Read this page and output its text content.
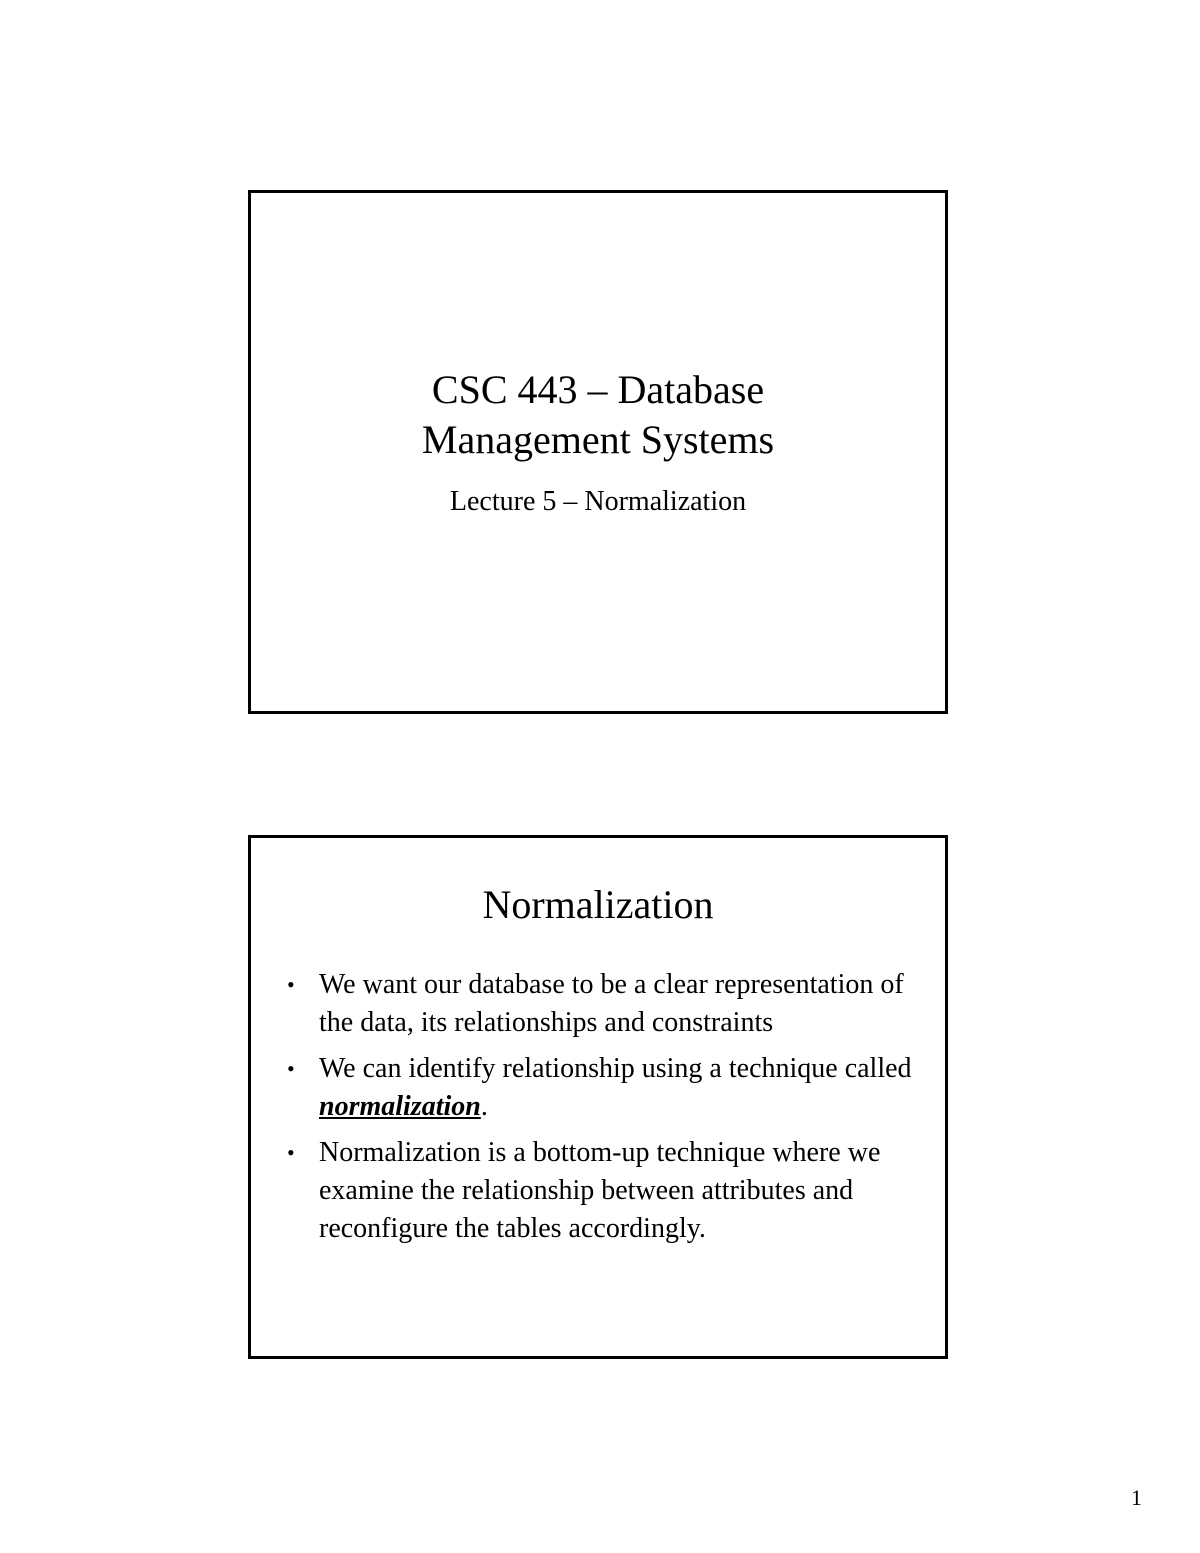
CSC 443 – Database
Management Systems
Lecture 5 – Normalization
Normalization
• We want our database to be a clear representation of the data, its relationships and constraints
• We can identify relationship using a technique called normalization.
• Normalization is a bottom-up technique where we examine the relationship between attributes and reconfigure the tables accordingly.
1
